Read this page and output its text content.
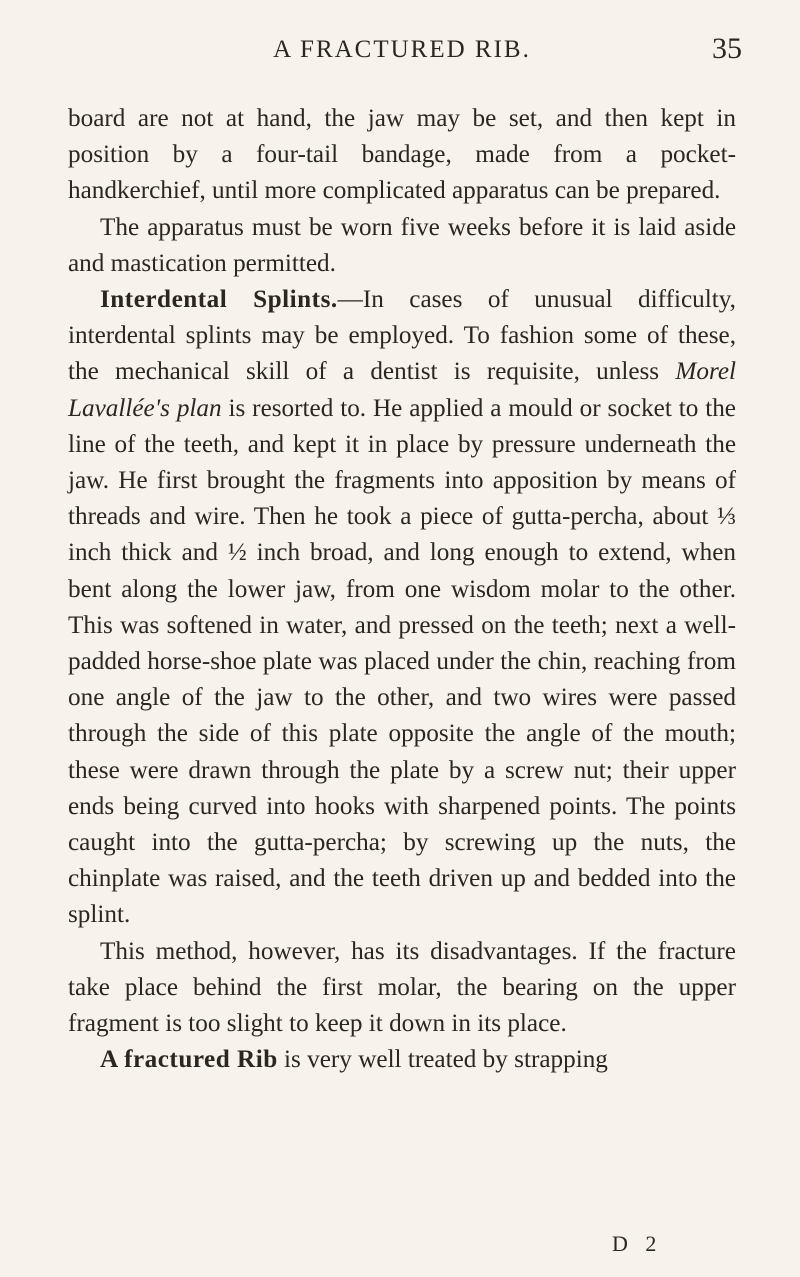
A FRACTURED RIB.	35

board are not at hand, the jaw may be set, and then kept in position by a four-tail bandage, made from a pocket-handkerchief, until more complicated apparatus can be prepared.

The apparatus must be worn five weeks before it is laid aside and mastication permitted.

Interdental Splints.—In cases of unusual difficulty, interdental splints may be employed. To fashion some of these, the mechanical skill of a dentist is requisite, unless Morel Lavallée's plan is resorted to. He applied a mould or socket to the line of the teeth, and kept it in place by pressure underneath the jaw. He first brought the fragments into apposition by means of threads and wire. Then he took a piece of gutta-percha, about ⅓ inch thick and ½ inch broad, and long enough to extend, when bent along the lower jaw, from one wisdom molar to the other. This was softened in water, and pressed on the teeth; next a well-padded horse-shoe plate was placed under the chin, reaching from one angle of the jaw to the other, and two wires were passed through the side of this plate opposite the angle of the mouth; these were drawn through the plate by a screw nut; their upper ends being curved into hooks with sharpened points. The points caught into the gutta-percha; by screwing up the nuts, the chinplate was raised, and the teeth driven up and bedded into the splint.

This method, however, has its disadvantages. If the fracture take place behind the first molar, the bearing on the upper fragment is too slight to keep it down in its place.

A fractured Rib is very well treated by strapping

D 2
